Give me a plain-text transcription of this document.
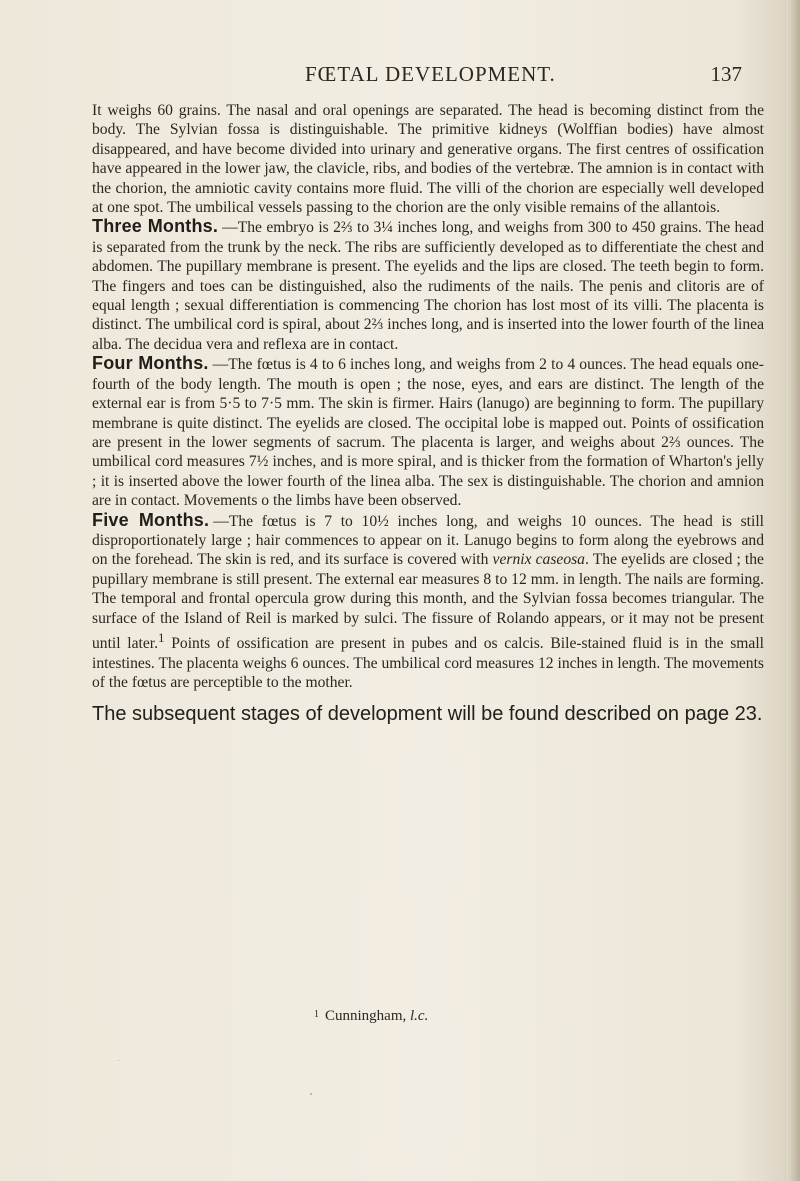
FŒTAL DEVELOPMENT.	137

It weighs 60 grains. The nasal and oral openings are separated. The head is becoming distinct from the body. The Sylvian fossa is distinguishable. The primitive kidneys (Wolffian bodies) have almost disappeared, and have become divided into urinary and generative organs. The first centres of ossification have appeared in the lower jaw, the clavicle, ribs, and bodies of the vertebræ. The amnion is in contact with the chorion, the amniotic cavity contains more fluid. The villi of the chorion are especially well developed at one spot. The umbilical vessels passing to the chorion are the only visible remains of the allantois.

Three Months. —The embryo is 2⅔ to 3¼ inches long, and weighs from 300 to 450 grains. The head is separated from the trunk by the neck. The ribs are sufficiently developed as to differentiate the chest and abdomen. The pupillary membrane is present. The eyelids and the lips are closed. The teeth begin to form. The fingers and toes can be distinguished, also the rudiments of the nails. The penis and clitoris are of equal length ; sexual differentiation is commencing The chorion has lost most of its villi. The placenta is distinct. The umbilical cord is spiral, about 2⅔ inches long, and is inserted into the lower fourth of the linea alba. The decidua vera and reflexa are in contact.

Four Months. —The fœtus is 4 to 6 inches long, and weighs from 2 to 4 ounces. The head equals one-fourth of the body length. The mouth is open ; the nose, eyes, and ears are distinct. The length of the external ear is from 5·5 to 7·5 mm. The skin is firmer. Hairs (lanugo) are beginning to form. The pupillary membrane is quite distinct. The eyelids are closed. The occipital lobe is mapped out. Points of ossification are present in the lower segments of sacrum. The placenta is larger, and weighs about 2⅔ ounces. The umbilical cord measures 7½ inches, and is more spiral, and is thicker from the formation of Wharton's jelly ; it is inserted above the lower fourth of the linea alba. The sex is distinguishable. The chorion and amnion are in contact. Movements o the limbs have been observed.

Five Months. —The fœtus is 7 to 10½ inches long, and weighs 10 ounces. The head is still disproportionately large ; hair commences to appear on it. Lanugo begins to form along the eyebrows and on the forehead. The skin is red, and its surface is covered with vernix caseosa. The eyelids are closed ; the pupillary membrane is still present. The external ear measures 8 to 12 mm. in length. The nails are forming. The temporal and frontal opercula grow during this month, and the Sylvian fossa becomes triangular. The surface of the Island of Reil is marked by sulci. The fissure of Rolando appears, or it may not be present until later.$^1$ Points of ossification are present in pubes and os calcis. Bile-stained fluid is in the small intestines. The placenta weighs 6 ounces. The umbilical cord measures 12 inches in length. The movements of the fœtus are perceptible to the mother.

The subsequent stages of development will be found described on page 23.

$^1$ Cunningham, l.c.
